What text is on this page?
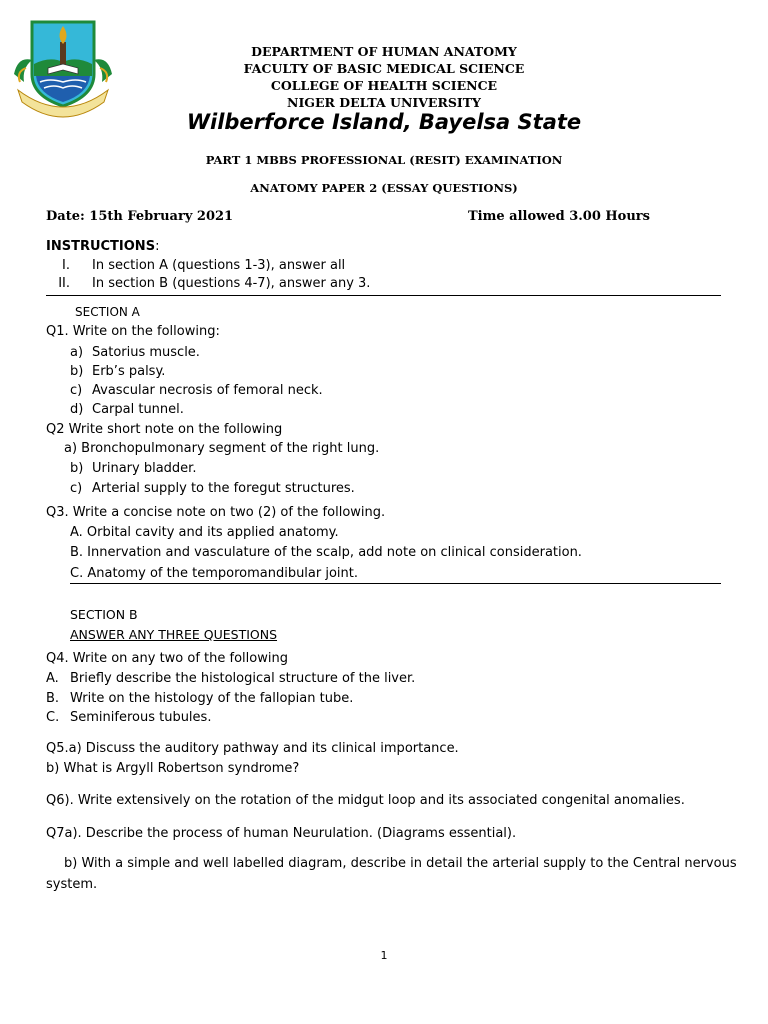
DEPARTMENT OF HUMAN ANATOMY
FACULTY OF BASIC MEDICAL SCIENCE
COLLEGE OF HEALTH SCIENCE
NIGER DELTA UNIVERSITY
Wilberforce Island, Bayelsa State
PART 1 MBBS PROFESSIONAL (RESIT) EXAMINATION
ANATOMY PAPER 2 (ESSAY QUESTIONS)
Date: 15th February 2021	Time allowed 3.00 Hours
INSTRUCTIONS:
I. In section A (questions 1-3), answer all
II. In section B (questions 4-7), answer any 3.
SECTION A
Q1. Write on the following:
a) Satorius muscle.
b) Erb’s palsy.
c) Avascular necrosis of femoral neck.
d) Carpal tunnel.
Q2 Write short note on the following
a) Bronchopulmonary segment of the right lung.
b) Urinary bladder.
c) Arterial supply to the foregut structures.
Q3. Write a concise note on two (2) of the following.
A. Orbital cavity and its applied anatomy.
B. Innervation and vasculature of the scalp, add note on clinical consideration.
C. Anatomy of the temporomandibular joint.
SECTION B
ANSWER ANY THREE QUESTIONS
Q4. Write on any two of the following
A. Briefly describe the histological structure of the liver.
B. Write on the histology of the fallopian tube.
C. Seminiferous tubules.
Q5.a) Discuss the auditory pathway and its clinical importance.
b) What is Argyll Robertson syndrome?
Q6). Write extensively on the rotation of the midgut loop and its associated congenital anomalies.
Q7a). Describe the process of human Neurulation. (Diagrams essential).
b) With a simple and well labelled diagram, describe in detail the arterial supply to the Central nervous
system.
1
